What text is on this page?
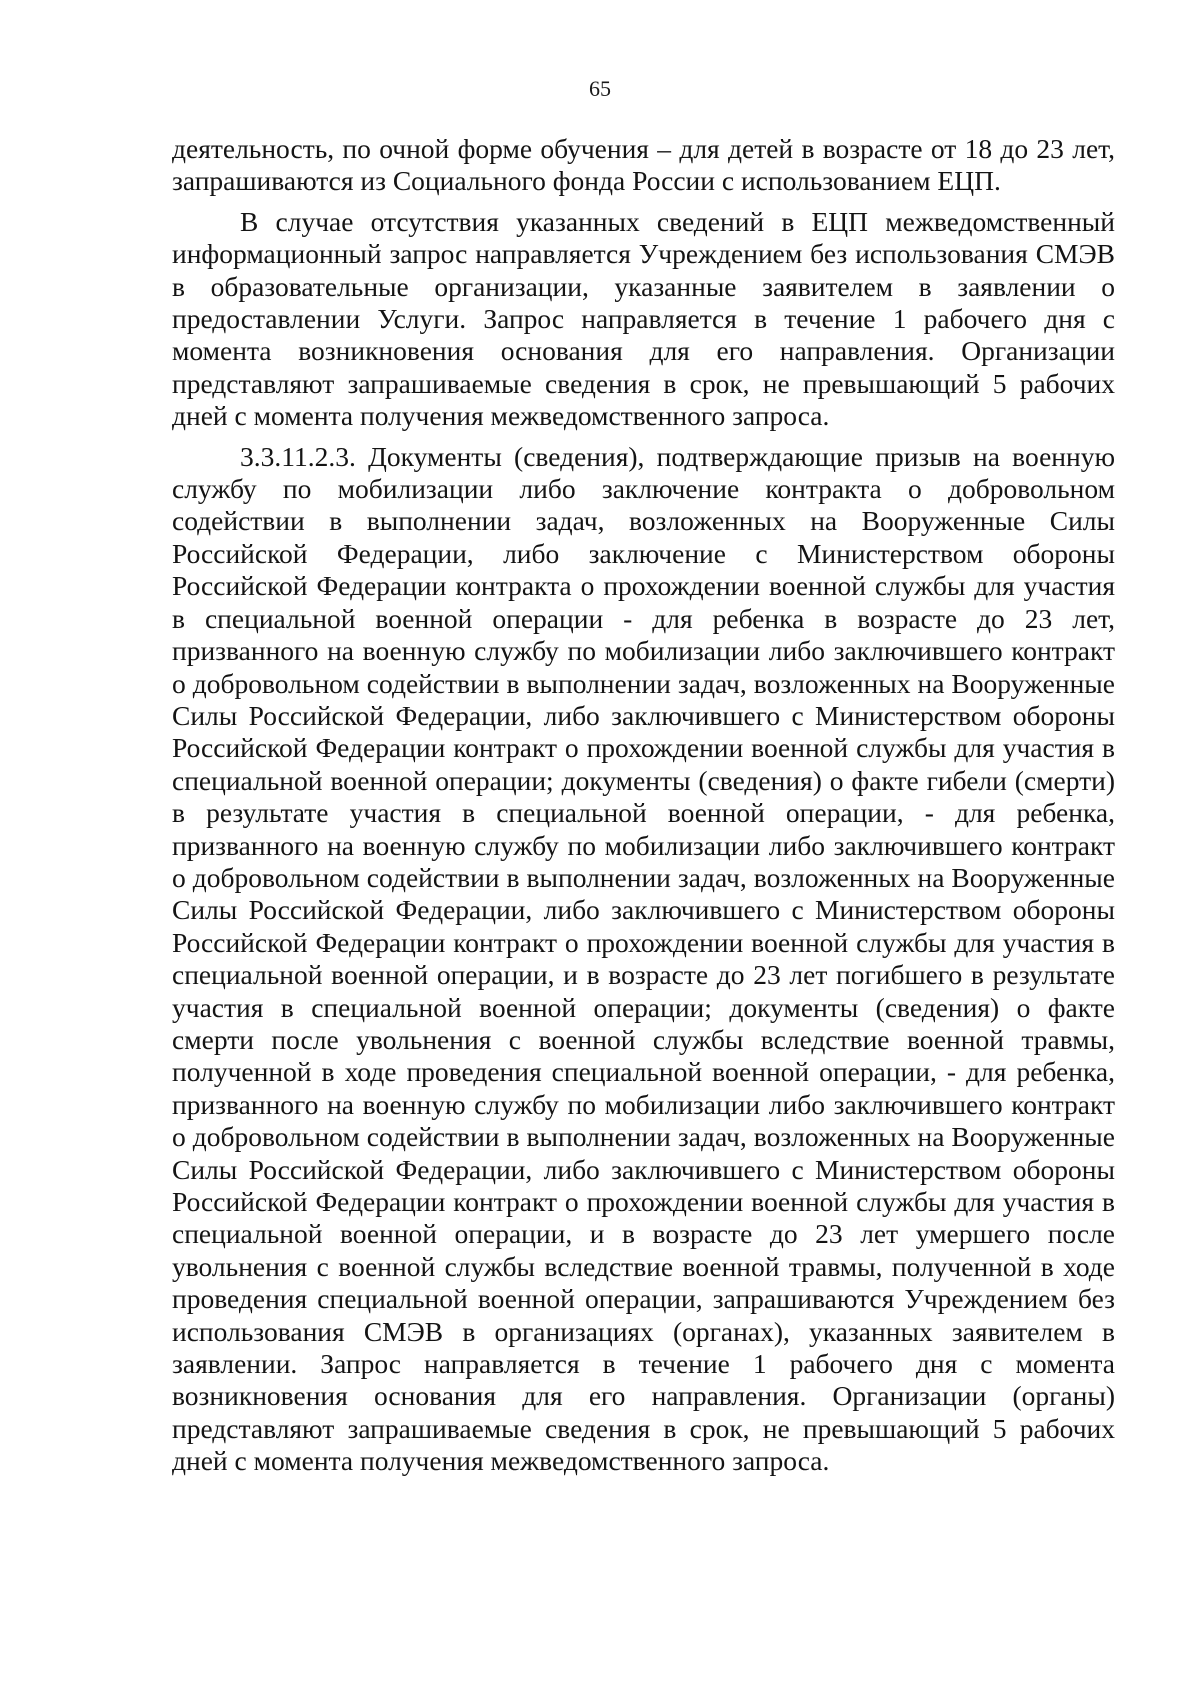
65

деятельность, по очной форме обучения – для детей в возрасте от 18 до 23 лет, запрашиваются из Социального фонда России с использованием ЕЦП.

В случае отсутствия указанных сведений в ЕЦП межведомственный информационный запрос направляется Учреждением без использования СМЭВ в образовательные организации, указанные заявителем в заявлении о предоставлении Услуги. Запрос направляется в течение 1 рабочего дня с момента возникновения основания для его направления. Организации представляют запрашиваемые сведения в срок, не превышающий 5 рабочих дней с момента получения межведомственного запроса.

3.3.11.2.3. Документы (сведения), подтверждающие призыв на военную службу по мобилизации либо заключение контракта о добровольном содействии в выполнении задач, возложенных на Вооруженные Силы Российской Федерации, либо заключение с Министерством обороны Российской Федерации контракта о прохождении военной службы для участия в специальной военной операции - для ребенка в возрасте до 23 лет, призванного на военную службу по мобилизации либо заключившего контракт о добровольном содействии в выполнении задач, возложенных на Вооруженные Силы Российской Федерации, либо заключившего с Министерством обороны Российской Федерации контракт о прохождении военной службы для участия в специальной военной операции; документы (сведения) о факте гибели (смерти) в результате участия в специальной военной операции, - для ребенка, призванного на военную службу по мобилизации либо заключившего контракт о добровольном содействии в выполнении задач, возложенных на Вооруженные Силы Российской Федерации, либо заключившего с Министерством обороны Российской Федерации контракт о прохождении военной службы для участия в специальной военной операции, и в возрасте до 23 лет погибшего в результате участия в специальной военной операции; документы (сведения) о факте смерти после увольнения с военной службы вследствие военной травмы, полученной в ходе проведения специальной военной операции, - для ребенка, призванного на военную службу по мобилизации либо заключившего контракт о добровольном содействии в выполнении задач, возложенных на Вооруженные Силы Российской Федерации, либо заключившего с Министерством обороны Российской Федерации контракт о прохождении военной службы для участия в специальной военной операции, и в возрасте до 23 лет умершего после увольнения с военной службы вследствие военной травмы, полученной в ходе проведения специальной военной операции, запрашиваются Учреждением без использования СМЭВ в организациях (органах), указанных заявителем в заявлении. Запрос направляется в течение 1 рабочего дня с момента возникновения основания для его направления. Организации (органы) представляют запрашиваемые сведения в срок, не превышающий 5 рабочих дней с момента получения межведомственного запроса.
